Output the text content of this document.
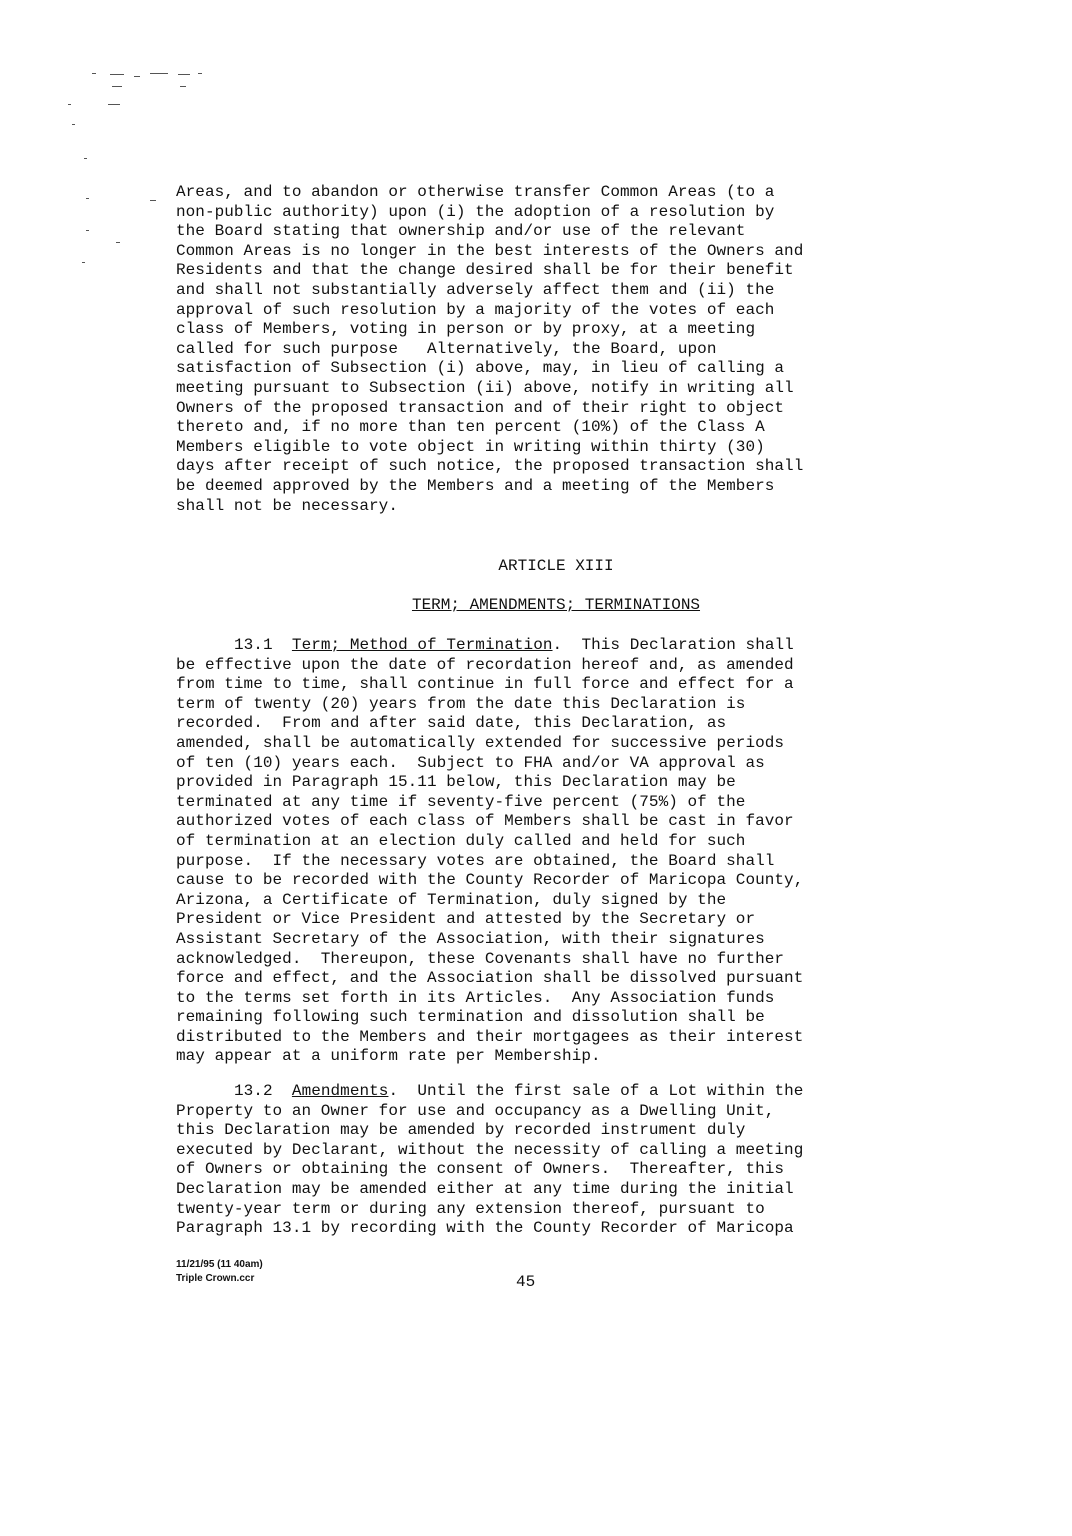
Areas, and to abandon or otherwise transfer Common Areas (to a
non-public authority) upon (i) the adoption of a resolution by
the Board stating that ownership and/or use of the relevant
Common Areas is no longer in the best interests of the Owners and
Residents and that the change desired shall be for their benefit
and shall not substantially adversely affect them and (ii) the
approval of such resolution by a majority of the votes of each
class of Members, voting in person or by proxy, at a meeting
called for such purpose   Alternatively, the Board, upon
satisfaction of Subsection (i) above, may, in lieu of calling a
meeting pursuant to Subsection (ii) above, notify in writing all
Owners of the proposed transaction and of their right to object
thereto and, if no more than ten percent (10%) of the Class A
Members eligible to vote object in writing within thirty (30)
days after receipt of such notice, the proposed transaction shall
be deemed approved by the Members and a meeting of the Members
shall not be necessary.
ARTICLE XIII
TERM; AMENDMENTS; TERMINATIONS
13.1 Term; Method of Termination.  This Declaration shall
be effective upon the date of recordation hereof and, as amended
from time to time, shall continue in full force and effect for a
term of twenty (20) years from the date this Declaration is
recorded.  From and after said date, this Declaration, as
amended, shall be automatically extended for successive periods
of ten (10) years each.  Subject to FHA and/or VA approval as
provided in Paragraph 15.11 below, this Declaration may be
terminated at any time if seventy-five percent (75%) of the
authorized votes of each class of Members shall be cast in favor
of termination at an election duly called and held for such
purpose.  If the necessary votes are obtained, the Board shall
cause to be recorded with the County Recorder of Maricopa County,
Arizona, a Certificate of Termination, duly signed by the
President or Vice President and attested by the Secretary or
Assistant Secretary of the Association, with their signatures
acknowledged.  Thereupon, these Covenants shall have no further
force and effect, and the Association shall be dissolved pursuant
to the terms set forth in its Articles.  Any Association funds
remaining following such termination and dissolution shall be
distributed to the Members and their mortgagees as their interest
may appear at a uniform rate per Membership.
13.2 Amendments.  Until the first sale of a Lot within the
Property to an Owner for use and occupancy as a Dwelling Unit,
this Declaration may be amended by recorded instrument duly
executed by Declarant, without the necessity of calling a meeting
of Owners or obtaining the consent of Owners.  Thereafter, this
Declaration may be amended either at any time during the initial
twenty-year term or during any extension thereof, pursuant to
Paragraph 13.1 by recording with the County Recorder of Maricopa
11/21/95 (11 40am)
Triple Crown.ccr	45
